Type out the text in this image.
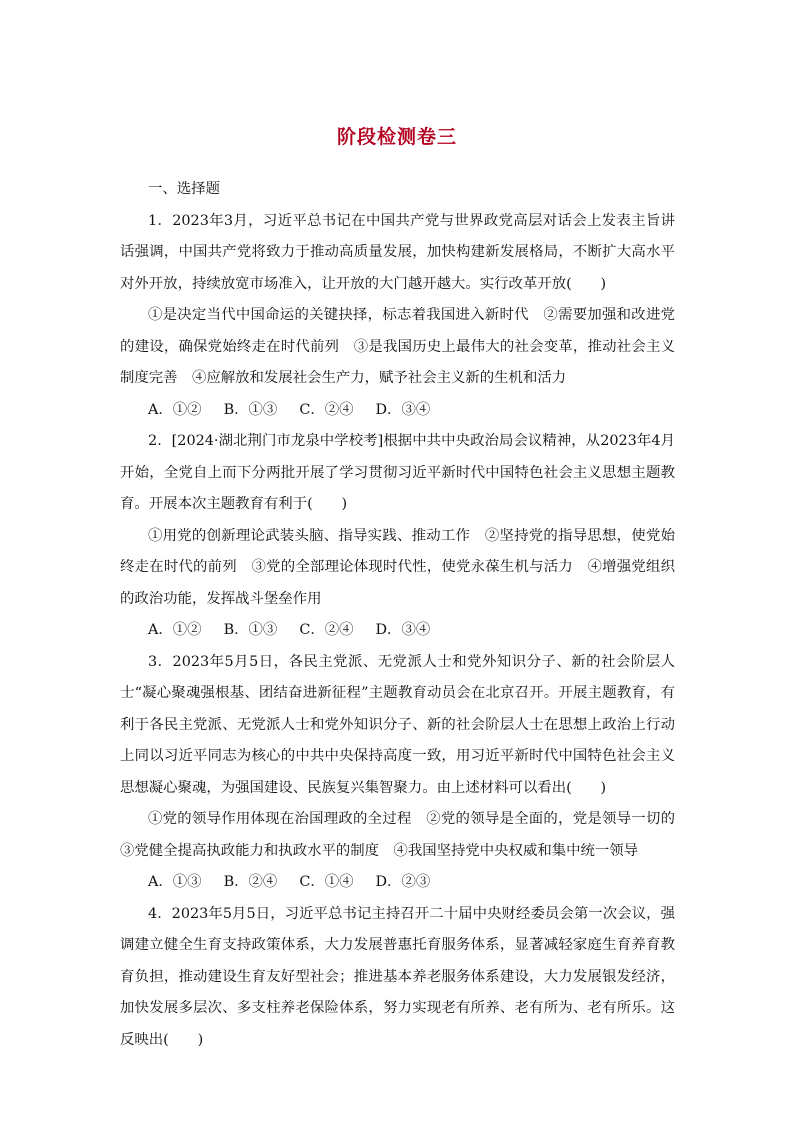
阶段检测卷三

一、选择题

1．2023年3月，习近平总书记在中国共产党与世界政党高层对话会上发表主旨讲话强调，中国共产党将致力于推动高质量发展，加快构建新发展格局，不断扩大高水平对外开放，持续放宽市场准入，让开放的大门越开越大。实行改革开放(　　)

①是决定当代中国命运的关键抉择，标志着我国进入新时代　②需要加强和改进党的建设，确保党始终走在时代前列　③是我国历史上最伟大的社会变革，推动社会主义制度完善　④应解放和发展社会生产力，赋予社会主义新的生机和活力

A．①② B．①③ C．②④ D．③④

2．[2024·湖北荆门市龙泉中学校考]根据中共中央政治局会议精神，从2023年4月开始，全党自上而下分两批开展了学习贯彻习近平新时代中国特色社会主义思想主题教育。开展本次主题教育有利于(　　)

①用党的创新理论武装头脑、指导实践、推动工作　②坚持党的指导思想，使党始终走在时代的前列　③党的全部理论体现时代性，使党永葆生机与活力　④增强党组织的政治功能，发挥战斗堡垒作用

A．①② B．①③ C．②④ D．③④

3．2023年5月5日，各民主党派、无党派人士和党外知识分子、新的社会阶层人士“凝心聚魂强根基、团结奋进新征程”主题教育动员会在北京召开。开展主题教育，有利于各民主党派、无党派人士和党外知识分子、新的社会阶层人士在思想上政治上行动上同以习近平同志为核心的中共中央保持高度一致，用习近平新时代中国特色社会主义思想凝心聚魂，为强国建设、民族复兴集智聚力。由上述材料可以看出(　　)

①党的领导作用体现在治国理政的全过程　②党的领导是全面的，党是领导一切的　③党健全提高执政能力和执政水平的制度　④我国坚持党中央权威和集中统一领导

A．①③ B．②④ C．①④ D．②③

4．2023年5月5日，习近平总书记主持召开二十届中央财经委员会第一次会议，强调建立健全生育支持政策体系，大力发展普惠托育服务体系，显著减轻家庭生育养育教育负担，推动建设生育友好型社会；推进基本养老服务体系建设，大力发展银发经济，加快发展多层次、多支柱养老保险体系，努力实现老有所养、老有所为、老有所乐。这反映出(　　)
